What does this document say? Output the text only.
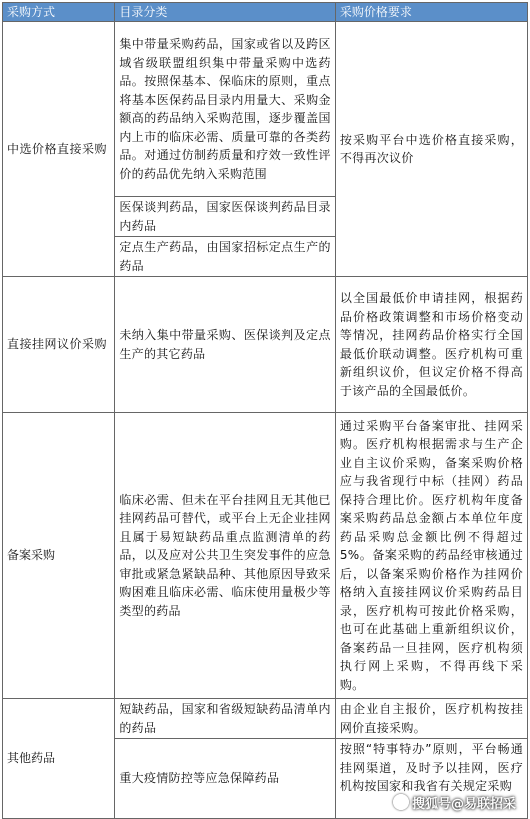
采购方式	目录分类	采购价格要求
中选价格直接采购	集中带量采购药品，国家或省以及跨区域省级联盟组织集中带量采购中选药品。按照保基本、保临床的原则，重点将基本医保药品目录内用量大、采购金额高的药品纳入采购范围，逐步覆盖国内上市的临床必需、质量可靠的各类药品。对通过仿制药质量和疗效一致性评价的药品优先纳入采购范围	按采购平台中选价格直接采购，不得再次议价
	医保谈判药品，国家医保谈判药品目录内药品	
	定点生产药品，由国家招标定点生产的药品	
直接挂网议价采购	未纳入集中带量采购、医保谈判及定点生产的其它药品	以全国最低价申请挂网，根据药品价格政策调整和市场价格变动等情况，挂网药品价格实行全国最低价联动调整。医疗机构可重新组织议价，但议定价格不得高于该产品的全国最低价。
备案采购	临床必需、但未在平台挂网且无其他已挂网药品可替代，或平台上无企业挂网且属于易短缺药品重点监测清单的药品，以及应对公共卫生突发事件的应急审批或紧急紧缺品种、其他原因导致采购困难且临床必需、临床使用量极少等类型的药品	通过采购平台备案审批、挂网采购。医疗机构根据需求与生产企业自主议价采购，备案采购价格应与我省现行中标（挂网）药品保持合理比价。医疗机构年度备案采购药品总金额占本单位年度药品采购总金额比例不得超过5%。备案采购的药品经审核通过后，以备案采购价格作为挂网价格纳入直接挂网议价采购药品目录，医疗机构可按此价格采购，也可在此基础上重新组织议价，备案药品一旦挂网，医疗机构须执行网上采购，不得再线下采购。
其他药品	短缺药品，国家和省级短缺药品清单内的药品	由企业自主报价，医疗机构按挂网价直接采购。
	重大疫情防控等应急保障药品	按照“特事特办”原则，平台畅通挂网渠道，及时予以挂网，医疗机构按国家和我省有关规定采购
搜狐号@易联招采
